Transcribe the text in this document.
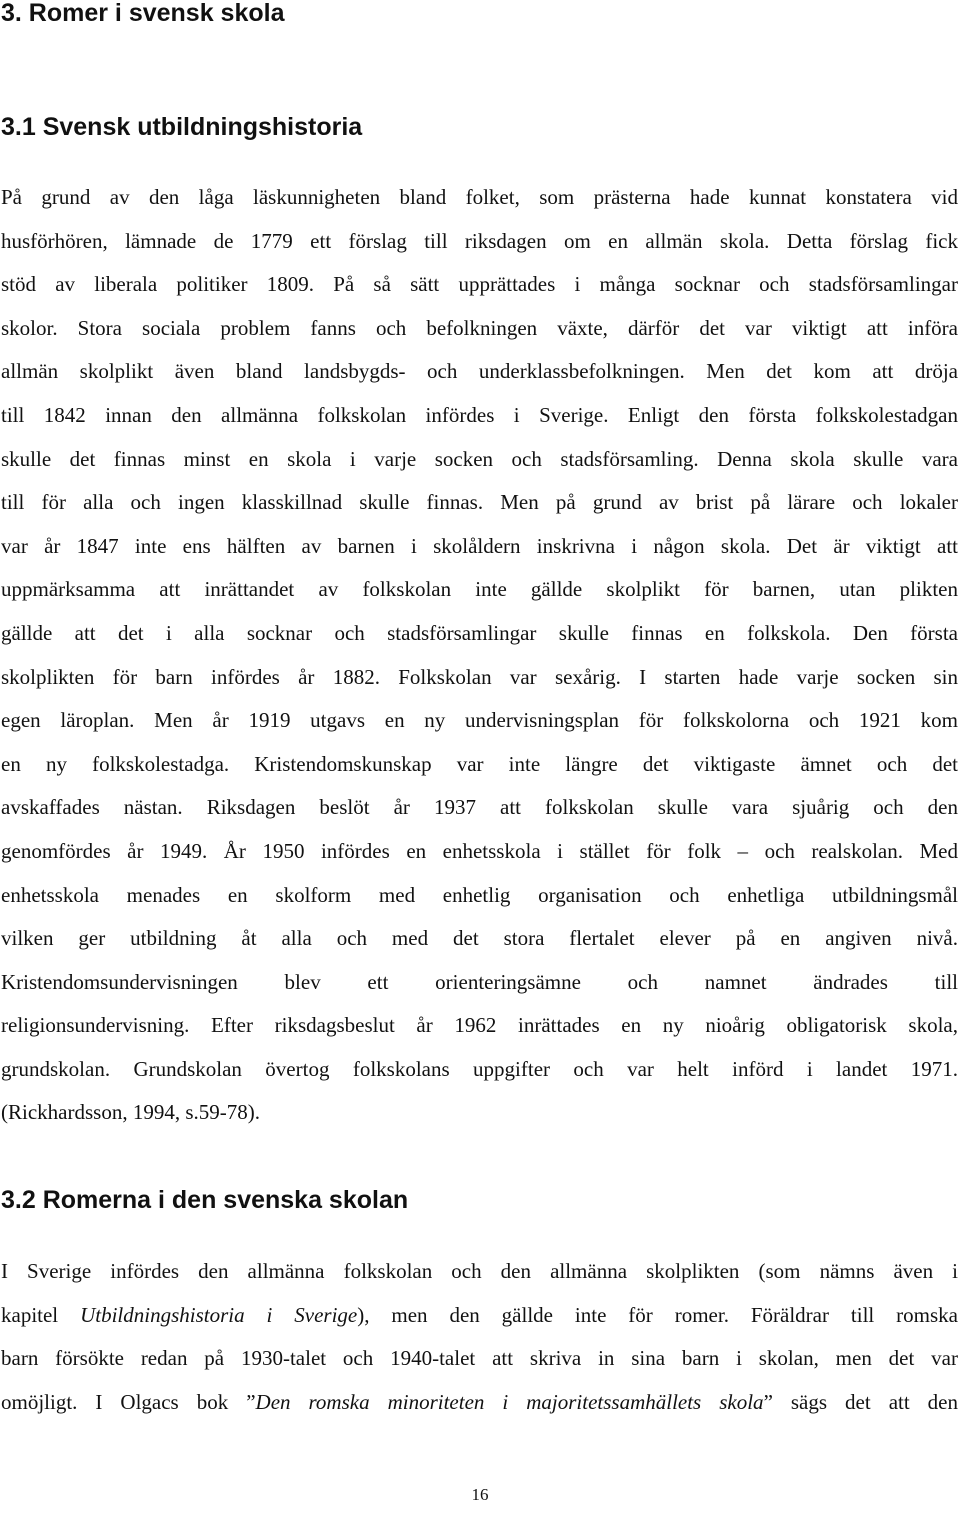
3. Romer i svensk skola
3.1 Svensk utbildningshistoria
På grund av den låga läskunnigheten bland folket, som prästerna hade kunnat konstatera vid
husförhören, lämnade de 1779 ett förslag till riksdagen om en allmän skola. Detta förslag fick
stöd av liberala politiker 1809. På så sätt upprättades i många socknar och stadsförsamlingar
skolor. Stora sociala problem fanns och befolkningen växte, därför det var viktigt att införa
allmän skolplikt även bland landsbygds- och underklassbefolkningen. Men det kom att dröja
till 1842 innan den allmänna folkskolan infördes i Sverige. Enligt den första folkskolestadgan
skulle det finnas minst en skola i varje socken och stadsförsamling. Denna skola skulle vara
till för alla och ingen klasskillnad skulle finnas. Men på grund av brist på lärare och lokaler
var år 1847 inte ens hälften av barnen i skolåldern inskrivna i någon skola. Det är viktigt att
uppmärksamma att inrättandet av folkskolan inte gällde skolplikt för barnen, utan plikten
gällde att det i alla socknar och stadsförsamlingar skulle finnas en folkskola. Den första
skolplikten för barn infördes år 1882. Folkskolan var sexårig. I starten hade varje socken sin
egen läroplan. Men år 1919 utgavs en ny undervisningsplan för folkskolorna och 1921 kom
en ny folkskolestadga. Kristendomskunskap var inte längre det viktigaste ämnet och det
avskaffades nästan. Riksdagen beslöt år 1937 att folkskolan skulle vara sjuårig och den
genomfördes år 1949. År 1950 infördes en enhetsskola i stället för folk – och realskolan. Med
enhetsskola menades en skolform med enhetlig organisation och enhetliga utbildningsmål
vilken ger utbildning åt alla och med det stora flertalet elever på en angiven nivå.
Kristendomsundervisningen blev ett orienteringsämne och namnet ändrades till
religionsundervisning. Efter riksdagsbeslut år 1962 inrättades en ny nioårig obligatorisk skola,
grundskolan. Grundskolan övertog folkskolans uppgifter och var helt införd i landet 1971.
(Rickhardsson, 1994, s.59-78).
3.2 Romerna i den svenska skolan
I Sverige infördes den allmänna folkskolan och den allmänna skolplikten (som nämns även i
kapitel Utbildningshistoria i Sverige), men den gällde inte för romer. Föräldrar till romska
barn försökte redan på 1930-talet och 1940-talet att skriva in sina barn i skolan, men det var
omöjligt. I Olgacs bok ”Den romska minoriteten i majoritetssamhällets skola” sägs det att den

16
